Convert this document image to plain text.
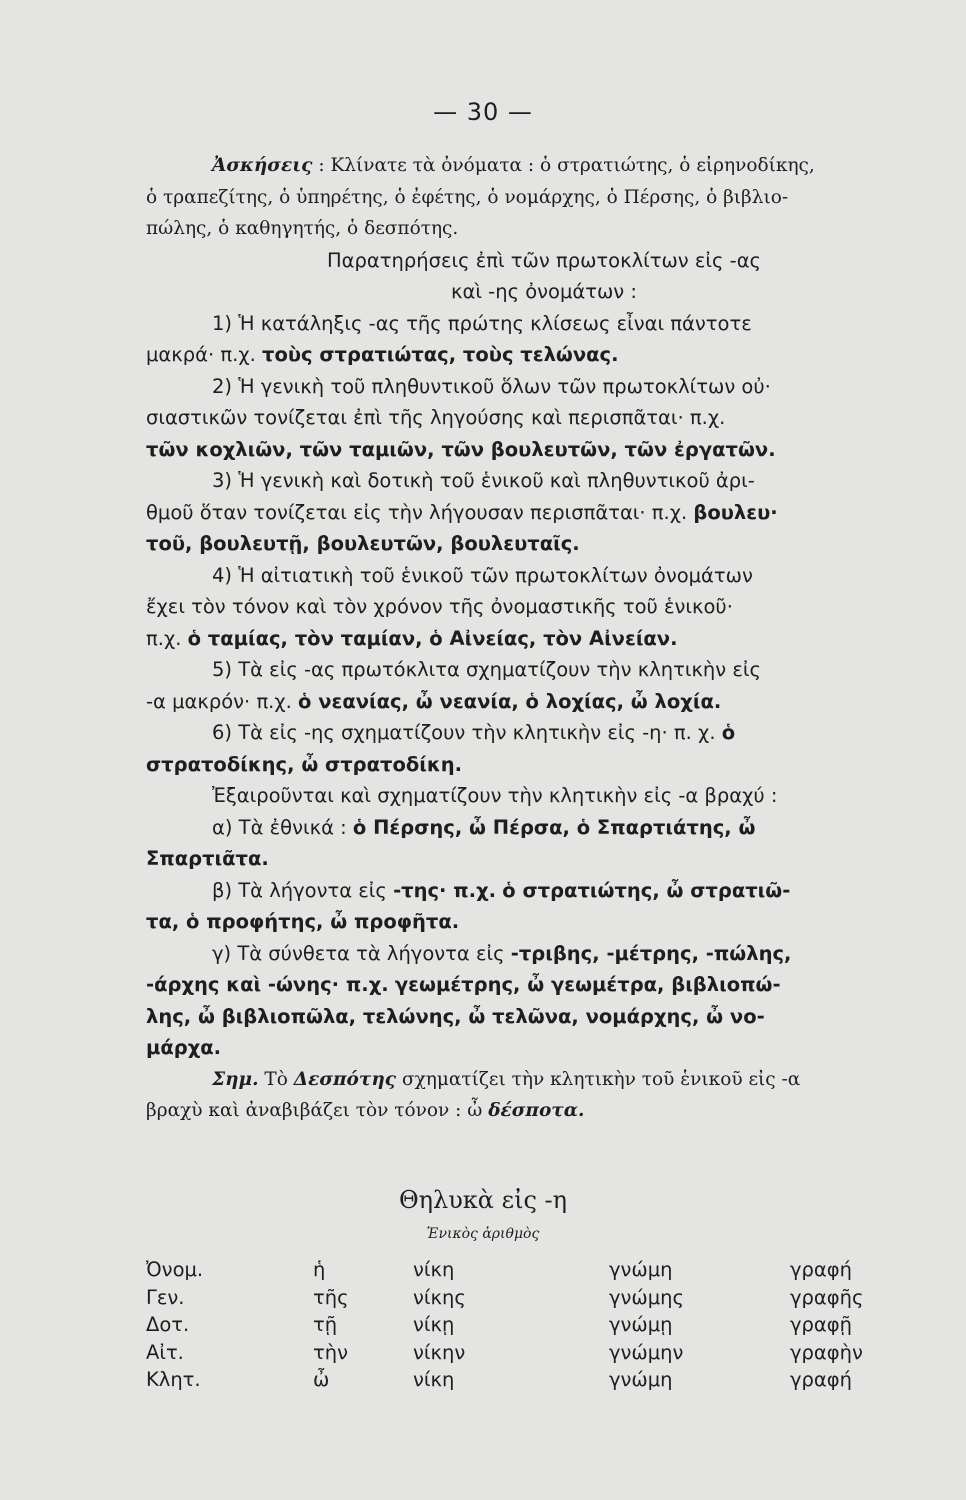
— 30 —
Ἀσκήσεις : Κλίνατε τὰ ὀνόματα : ὁ στρατιώτης, ὁ εἰρηνοδίκης,
ὁ τραπεζίτης, ὁ ὑπηρέτης, ὁ ἐφέτης, ὁ νομάρχης, ὁ Πέρσης, ὁ βιβλιο-
πώλης, ὁ καθηγητής, ὁ δεσπότης.
Παρατηρήσεις ἐπὶ τῶν πρωτοκλίτων εἰς -ας
καὶ -ης ὀνομάτων :
1) Ἡ κατάληξις -ας τῆς πρώτης κλίσεως εἶναι πάντοτε
μακρά· π.χ. τοὺς στρατιώτας, τοὺς τελώνας.
2) Ἡ γενικὴ τοῦ πληθυντικοῦ ὅλων τῶν πρωτοκλίτων οὐ·
σιαστικῶν τονίζεται ἐπὶ τῆς ληγούσης καὶ περισπᾶται· π.χ.
τῶν κοχλιῶν, τῶν ταμιῶν, τῶν βουλευτῶν, τῶν ἐργατῶν.
3) Ἡ γενικὴ καὶ δοτικὴ τοῦ ἑνικοῦ καὶ πληθυντικοῦ ἀρι-
θμοῦ ὅταν τονίζεται εἰς τὴν λήγουσαν περισπᾶται· π.χ. βουλευ·
τοῦ, βουλευτῇ, βουλευτῶν, βουλευταῖς.
4) Ἡ αἰτιατικὴ τοῦ ἑνικοῦ τῶν πρωτοκλίτων ὀνομάτων
ἔχει τὸν τόνον καὶ τὸν χρόνον τῆς ὀνομαστικῆς τοῦ ἑνικοῦ·
π.χ. ὁ ταμίας, τὸν ταμίαν, ὁ Αἰνείας, τὸν Αἰνείαν.
5) Τὰ εἰς -ας πρωτόκλιτα σχηματίζουν τὴν κλητικὴν εἰς
-α μακρόν· π.χ. ὁ νεανίας, ὦ νεανία, ὁ λοχίας, ὦ λοχία.
6) Τὰ εἰς -ης σχηματίζουν τὴν κλητικὴν εἰς -η· π. χ. ὁ
στρατοδίκης, ὦ στρατοδίκη.
Ἐξαιροῦνται καὶ σχηματίζουν τὴν κλητικὴν εἰς -α βραχύ :
α) Τὰ ἐθνικά : ὁ Πέρσης, ὦ Πέρσα, ὁ Σπαρτιάτης, ὦ
Σπαρτιᾶτα.
β) Τὰ λήγοντα εἰς -της· π.χ. ὁ στρατιώτης, ὦ στρατιῶ-
τα, ὁ προφήτης, ὦ προφῆτα.
γ) Τὰ σύνθετα τὰ λήγοντα εἰς -τριβης, -μέτρης, -πώλης,
-άρχης καὶ -ώνης· π.χ. γεωμέτρης, ὦ γεωμέτρα, βιβλιοπώ-
λης, ὦ βιβλιοπῶλα, τελώνης, ὦ τελῶνα, νομάρχης, ὦ νο-
μάρχα.
Σημ. Τὸ Δεσπότης σχηματίζει τὴν κλητικὴν τοῦ ἑνικοῦ εἰς -α
βραχὺ καὶ ἀναβιβάζει τὸν τόνον : ὦ δέσποτα.
Θηλυκὰ εἰς -η
Ἑνικὸς ἀριθμὸς
Ὀνομ.	ἡ	νίκη	γνώμη	γραφή
Γεν.	τῆς	νίκης	γνώμης	γραφῆς
Δοτ.	τῇ	νίκῃ	γνώμῃ	γραφῇ
Αἰτ.	τὴν	νίκην	γνώμην	γραφὴν
Κλητ.	ὦ	νίκη	γνώμη	γραφή
